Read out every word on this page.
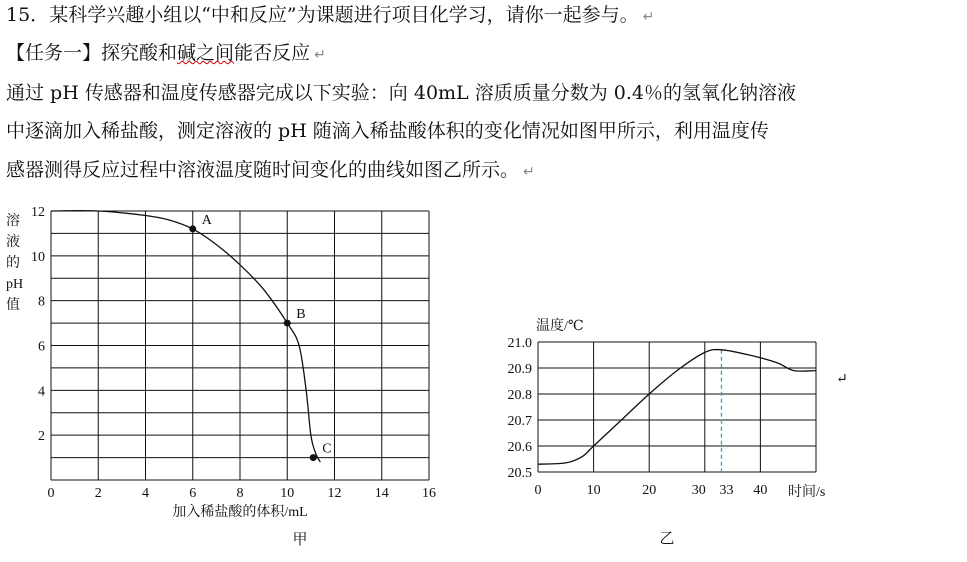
15．某科学兴趣小组以“中和反应”为课题进行项目化学习，请你一起参与。 ↵
【任务一】探究酸和碱之间能否反应 ↵
通过 pH 传感器和温度传感器完成以下实验：向 40mL 溶质质量分数为 0.4％的氢氧化钠溶液
中逐滴加入稀盐酸，测定溶液的 pH 随滴入稀盐酸体积的变化情况如图甲所示，利用温度传
感器测得反应过程中溶液温度随时间变化的曲线如图乙所示。 ↵
A
B
C
0	2	4	6	8	10 12 14 16
2
4
6
8
10
12
溶
液
的
pH
值
加入稀盐酸的体积/mL
甲
0	10	20	30 33 40
20.5
20.6
20.7
20.8
20.9
21.0
温度/℃
时间/s
乙
↵
